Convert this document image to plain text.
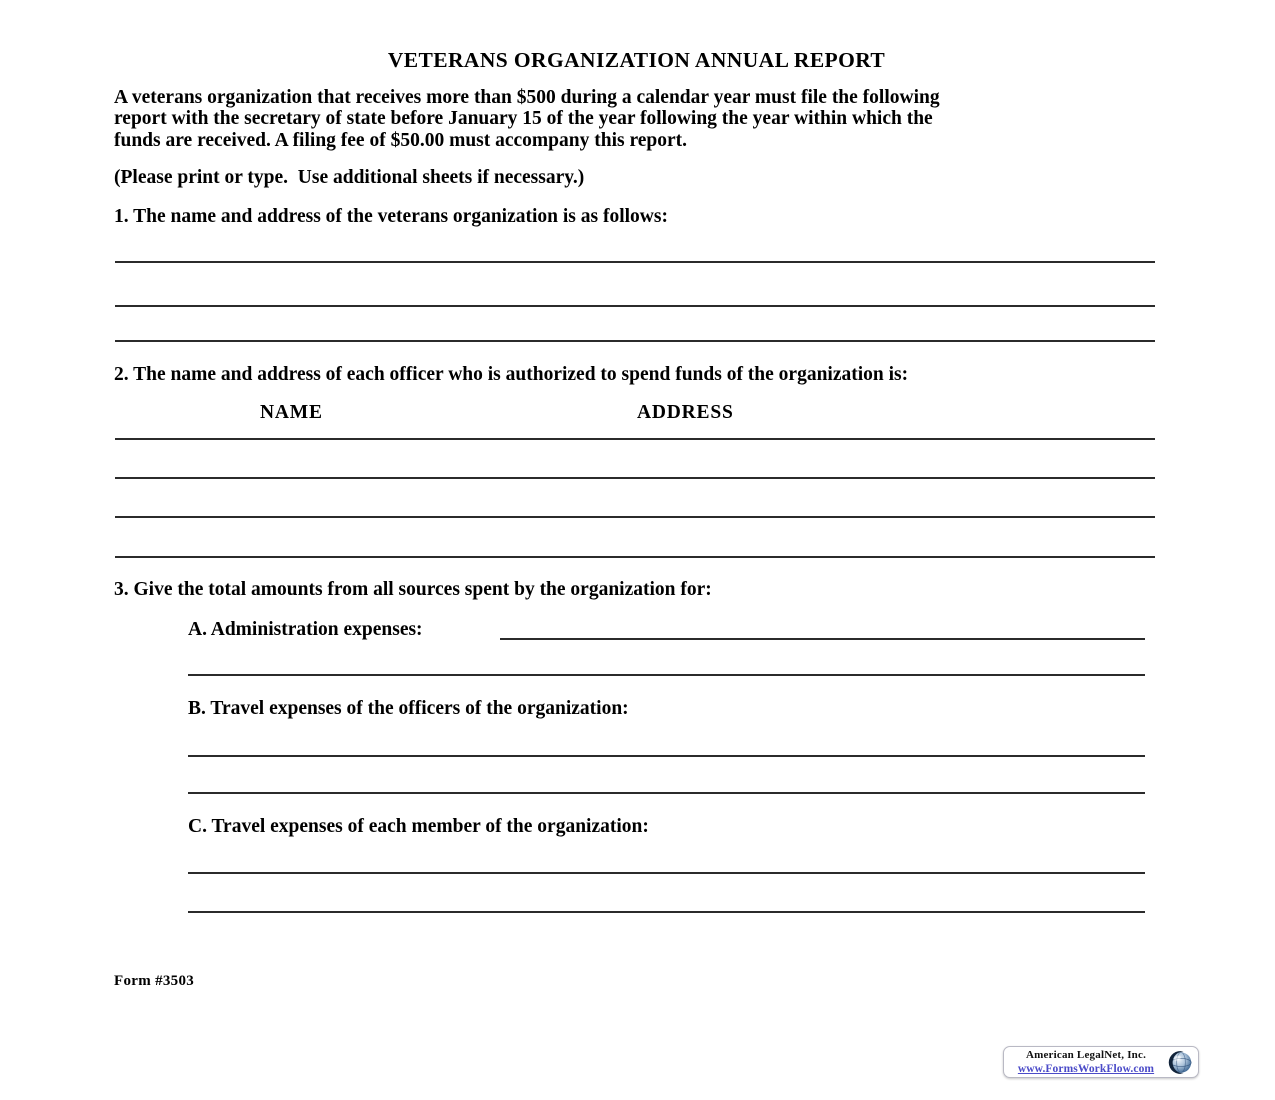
VETERANS ORGANIZATION ANNUAL REPORT
A veterans organization that receives more than $500 during a calendar year must file the following
report with the secretary of state before January 15 of the year following the year within which the
funds are received. A filing fee of $50.00 must accompany this report.
(Please print or type.  Use additional sheets if necessary.)
1. The name and address of the veterans organization is as follows:
2. The name and address of each officer who is authorized to spend funds of the organization is:
NAME	ADDRESS
3. Give the total amounts from all sources spent by the organization for:
A. Administration expenses:
B. Travel expenses of the officers of the organization:
C. Travel expenses of each member of the organization:
Form #3503
American LegalNet, Inc.
www.FormsWorkFlow.com
